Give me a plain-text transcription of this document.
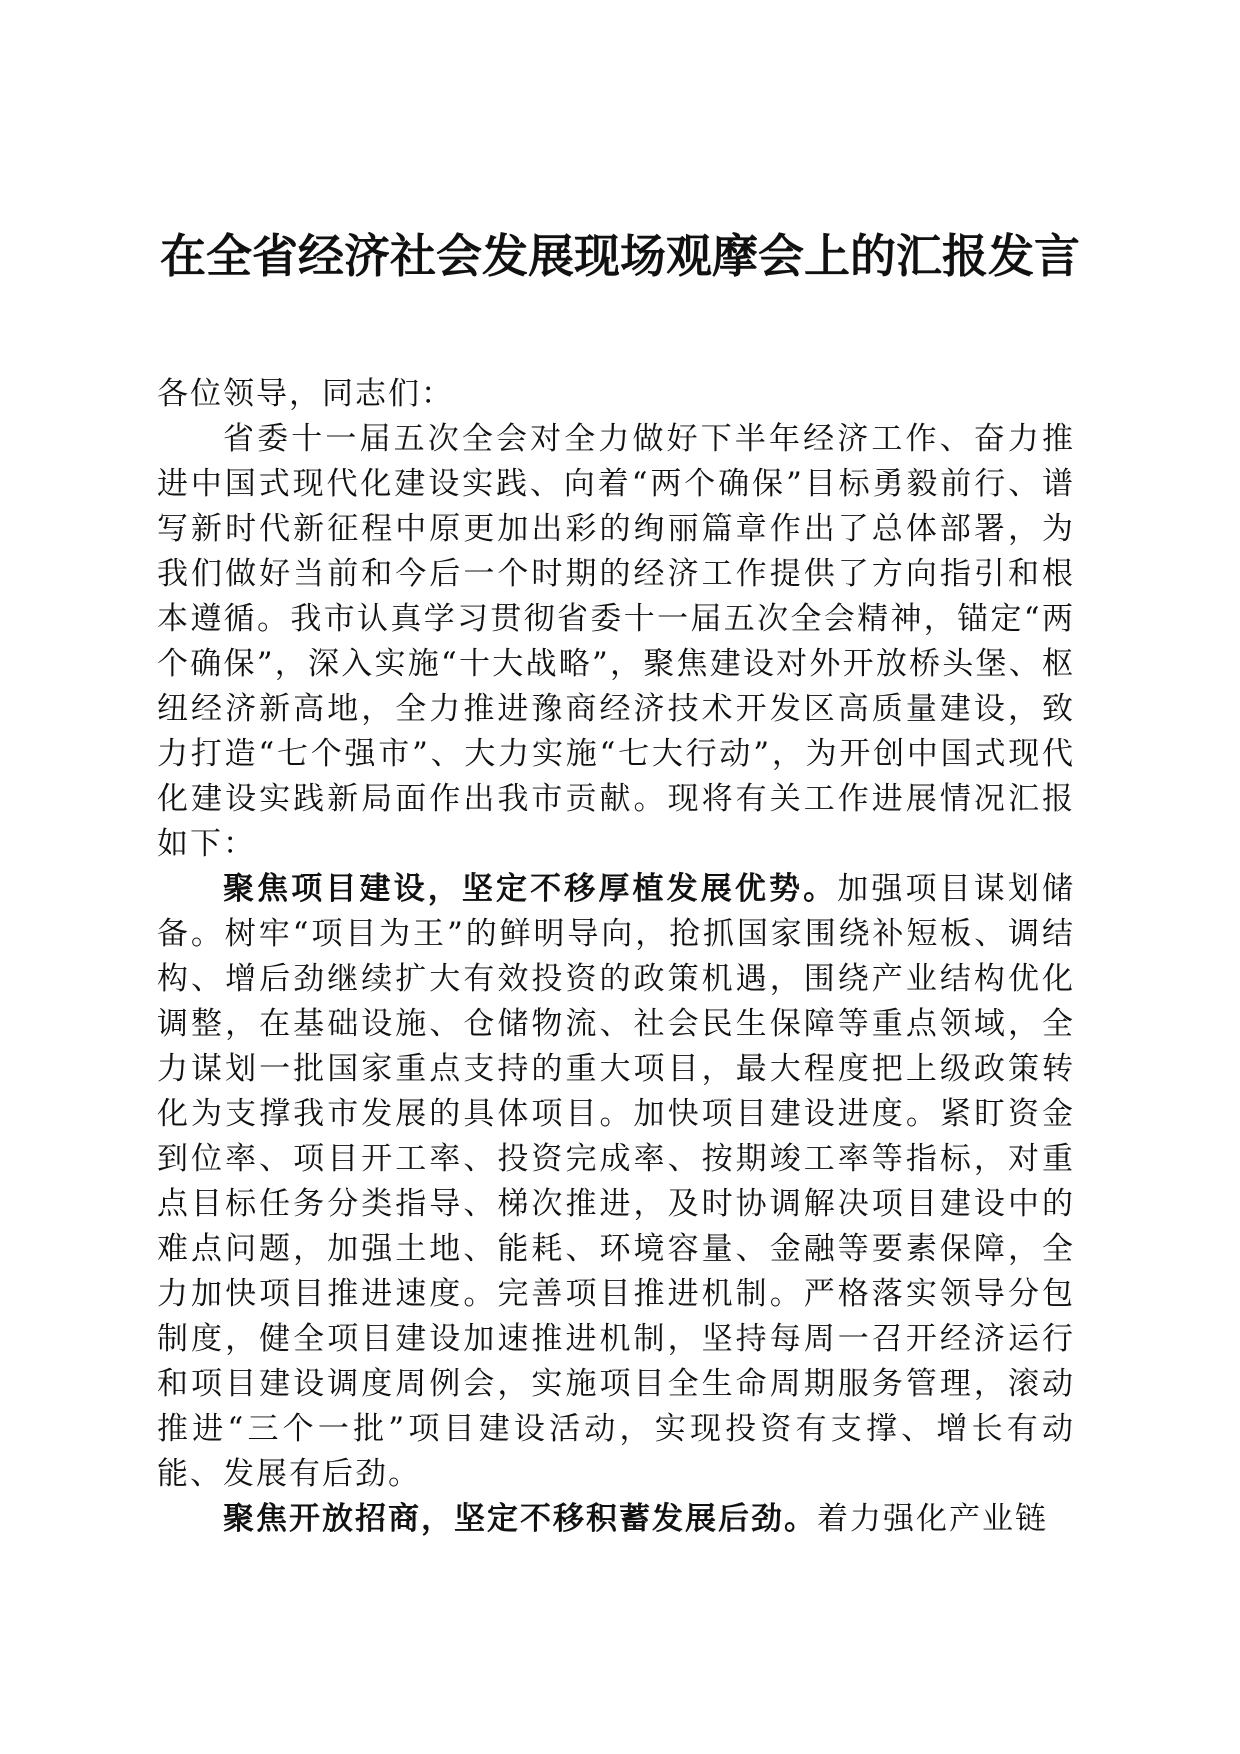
在全省经济社会发展现场观摩会上的汇报发言

各位领导，同志们：

省委十一届五次全会对全力做好下半年经济工作、奋力推进中国式现代化建设实践、向着“两个确保”目标勇毅前行、谱写新时代新征程中原更加出彩的绚丽篇章作出了总体部署，为我们做好当前和今后一个时期的经济工作提供了方向指引和根本遵循。我市认真学习贯彻省委十一届五次全会精神，锚定“两个确保”，深入实施“十大战略”，聚焦建设对外开放桥头堡、枢纽经济新高地，全力推进豫商经济技术开发区高质量建设，致力打造“七个强市”、大力实施“七大行动”，为开创中国式现代化建设实践新局面作出我市贡献。现将有关工作进展情况汇报如下：

聚焦项目建设，坚定不移厚植发展优势。加强项目谋划储备。树牢“项目为王”的鲜明导向，抢抓国家围绕补短板、调结构、增后劲继续扩大有效投资的政策机遇，围绕产业结构优化调整，在基础设施、仓储物流、社会民生保障等重点领域，全力谋划一批国家重点支持的重大项目，最大程度把上级政策转化为支撑我市发展的具体项目。加快项目建设进度。紧盯资金到位率、项目开工率、投资完成率、按期竣工率等指标，对重点目标任务分类指导、梯次推进，及时协调解决项目建设中的难点问题，加强土地、能耗、环境容量、金融等要素保障，全力加快项目推进速度。完善项目推进机制。严格落实领导分包制度，健全项目建设加速推进机制，坚持每周一召开经济运行和项目建设调度周例会，实施项目全生命周期服务管理，滚动推进“三个一批”项目建设活动，实现投资有支撑、增长有动能、发展有后劲。

聚焦开放招商，坚定不移积蓄发展后劲。着力强化产业链
